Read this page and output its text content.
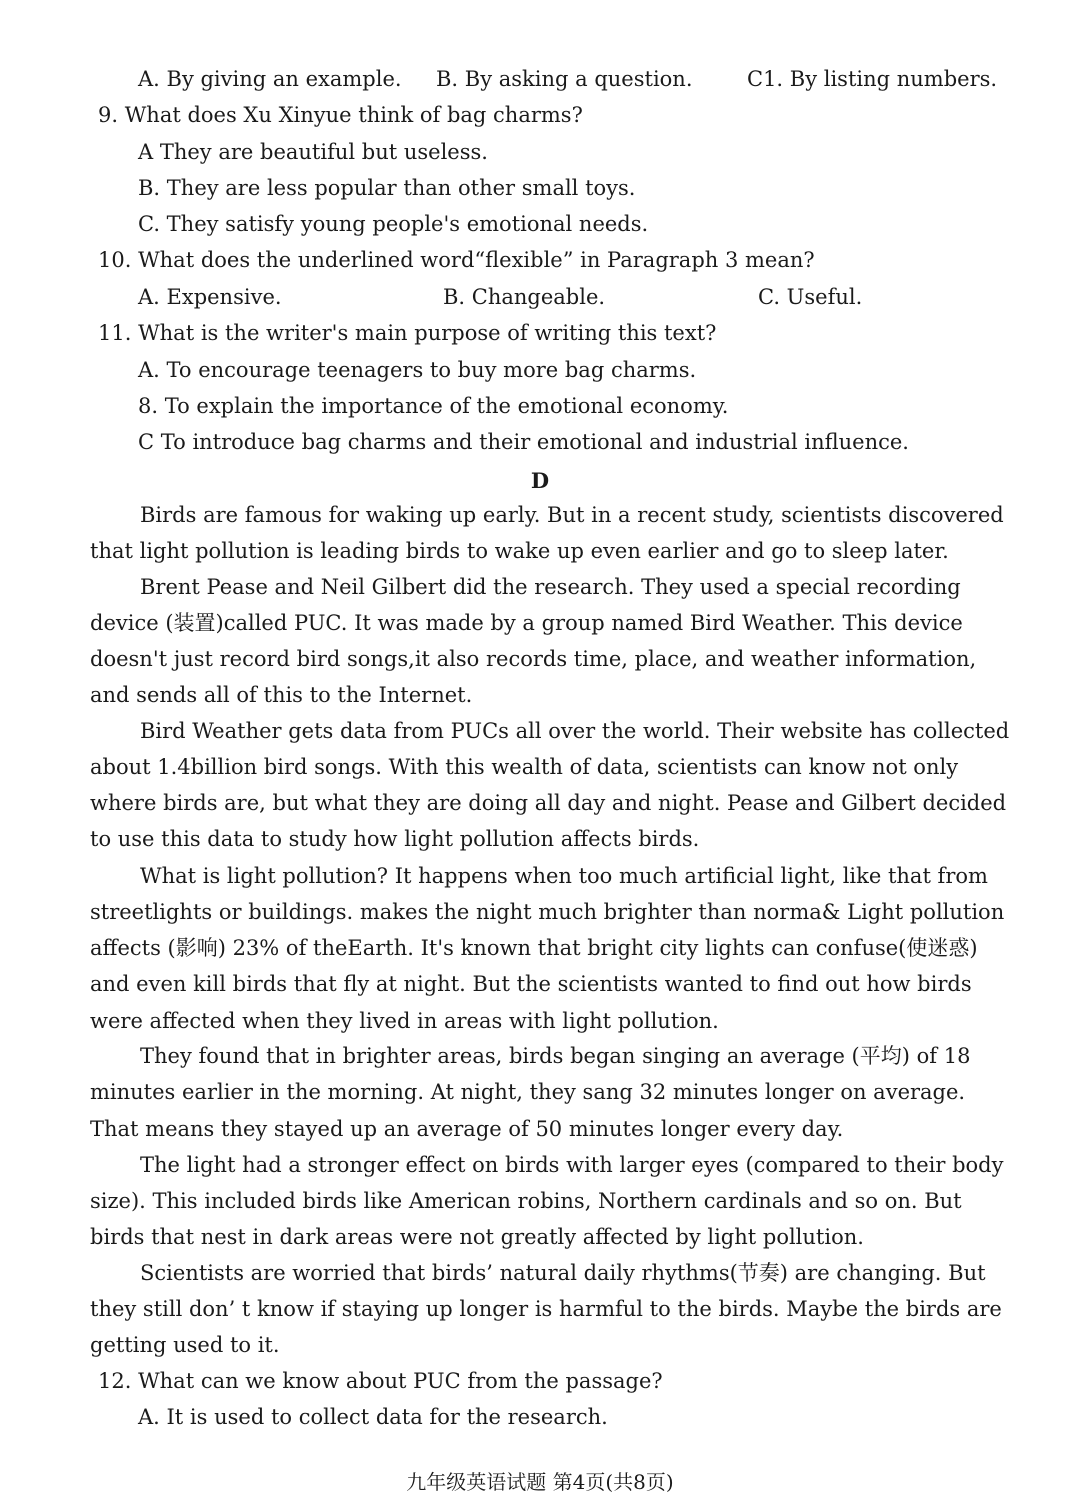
A. By giving an example. B. By asking a question.	C1. By listing numbers.
9. What does Xu Xinyue think of bag charms?
A They are beautiful but useless.
B. They are less popular than other small toys.
C. They satisfy young people's emotional needs.
10. What does the underlined word“flexible” in Paragraph 3 mean?
A. Expensive.	B. Changeable.	C. Useful.
11. What is the writer's main purpose of writing this text?
A. To encourage teenagers to buy more bag charms.
8. To explain the importance of the emotional economy.
C To introduce bag charms and their emotional and industrial influence.
D
Birds are famous for waking up early. But in a recent study, scientists discovered
that light pollution is leading birds to wake up even earlier and go to sleep later.
Brent Pease and Neil Gilbert did the research. They used a special recording
device (装置)called PUC. It was made by a group named Bird Weather. This device
doesn't just record bird songs,it also records time, place, and weather information,
and sends all of this to the Internet.
Bird Weather gets data from PUCs all over the world. Their website has collected
about 1.4billion bird songs. With this wealth of data, scientists can know not only
where birds are, but what they are doing all day and night. Pease and Gilbert decided
to use this data to study how light pollution affects birds.
What is light pollution? It happens when too much artificial light, like that from
streetlights or buildings. makes the night much brighter than norma& Light pollution
affects (影响) 23% of theEarth. It's known that bright city lights can confuse(使迷惑)
and even kill birds that fly at night. But the scientists wanted to find out how birds
were affected when they lived in areas with light pollution.
They found that in brighter areas, birds began singing an average (平均) of 18
minutes earlier in the morning. At night, they sang 32 minutes longer on average.
That means they stayed up an average of 50 minutes longer every day.
The light had a stronger effect on birds with larger eyes (compared to their body
size). This included birds like American robins, Northern cardinals and so on. But
birds that nest in dark areas were not greatly affected by light pollution.
Scientists are worried that birds’ natural daily rhythms(节奏) are changing. But
they still don’ t know if staying up longer is harmful to the birds. Maybe the birds are
getting used to it.
12. What can we know about PUC from the passage?
A. It is used to collect data for the research.
九年级英语试题 第4页(共8页)
